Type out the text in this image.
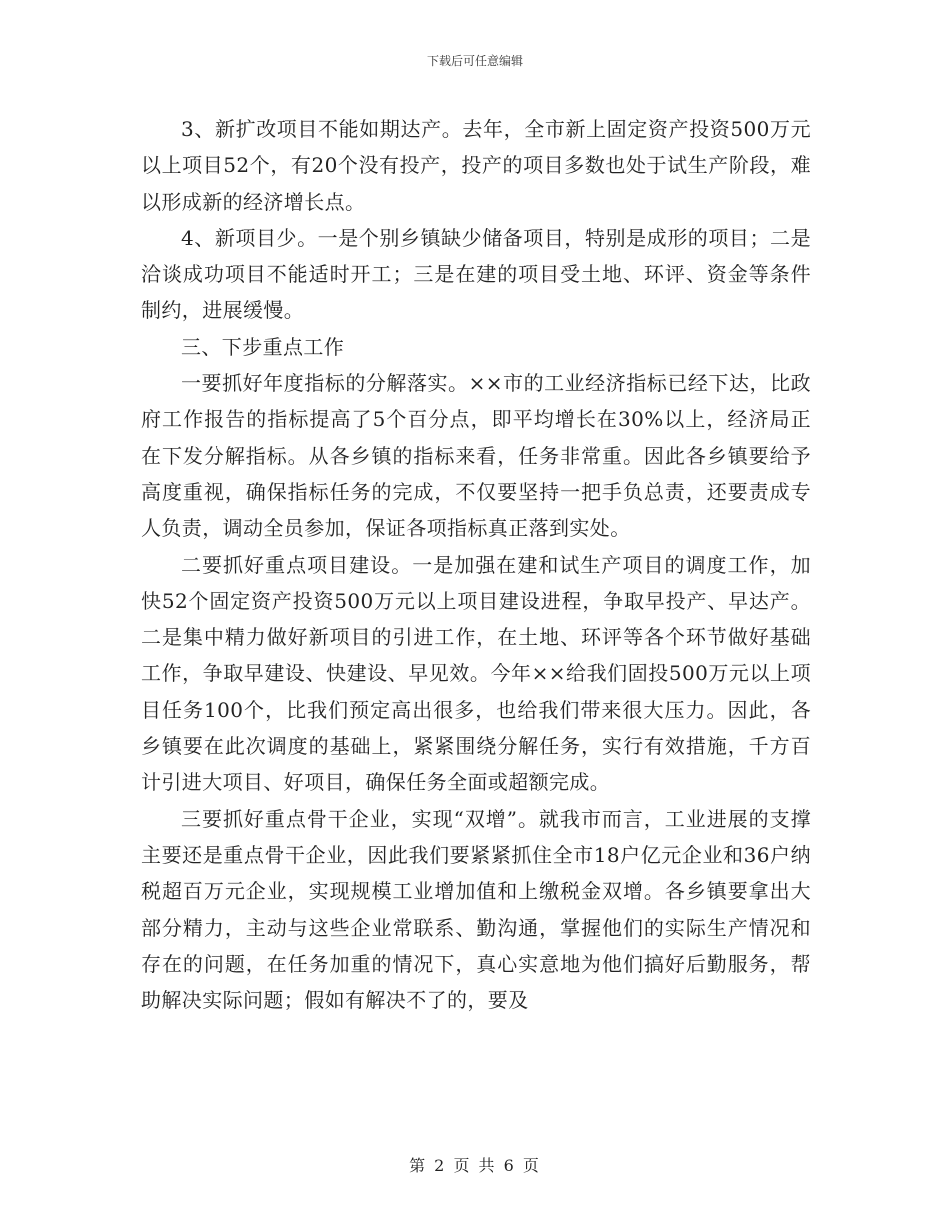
下载后可任意编辑

3、新扩改项目不能如期达产。去年，全市新上固定资产投资500万元以上项目52个，有20个没有投产，投产的项目多数也处于试生产阶段，难以形成新的经济增长点。

4、新项目少。一是个别乡镇缺少储备项目，特别是成形的项目；二是洽谈成功项目不能适时开工；三是在建的项目受土地、环评、资金等条件制约，进展缓慢。

三、下步重点工作

一要抓好年度指标的分解落实。××市的工业经济指标已经下达，比政府工作报告的指标提高了5个百分点，即平均增长在30%以上，经济局正在下发分解指标。从各乡镇的指标来看，任务非常重。因此各乡镇要给予高度重视，确保指标任务的完成，不仅要坚持一把手负总责，还要责成专人负责，调动全员参加，保证各项指标真正落到实处。

二要抓好重点项目建设。一是加强在建和试生产项目的调度工作，加快52个固定资产投资500万元以上项目建设进程，争取早投产、早达产。二是集中精力做好新项目的引进工作，在土地、环评等各个环节做好基础工作，争取早建设、快建设、早见效。今年××给我们固投500万元以上项目任务100个，比我们预定高出很多，也给我们带来很大压力。因此，各乡镇要在此次调度的基础上，紧紧围绕分解任务，实行有效措施，千方百计引进大项目、好项目，确保任务全面或超额完成。

三要抓好重点骨干企业，实现“双增”。就我市而言，工业进展的支撑主要还是重点骨干企业，因此我们要紧紧抓住全市18户亿元企业和36户纳税超百万元企业，实现规模工业增加值和上缴税金双增。各乡镇要拿出大部分精力，主动与这些企业常联系、勤沟通，掌握他们的实际生产情况和存在的问题，在任务加重的情况下，真心实意地为他们搞好后勤服务，帮助解决实际问题；假如有解决不了的，要及

第 2 页 共 6 页
